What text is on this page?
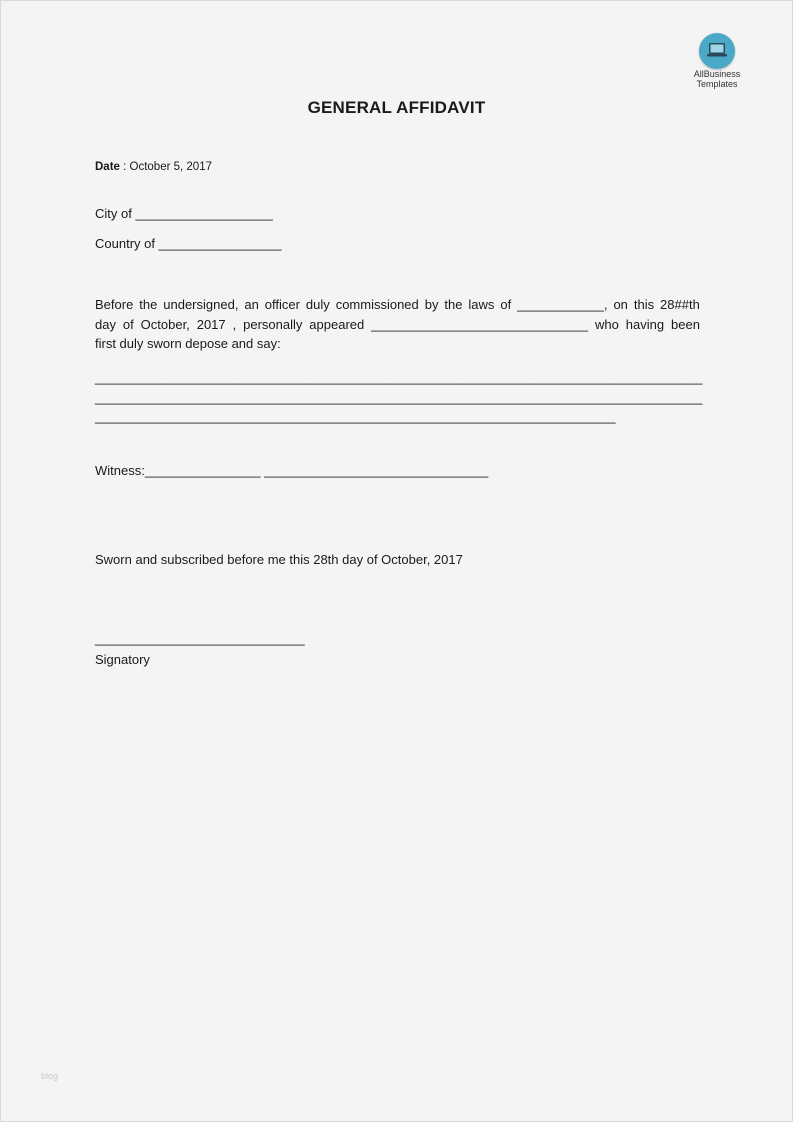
AllBusiness
Templates
GENERAL AFFIDAVIT
Date : October 5, 2017
City of ___________________
Country of _________________
Before the undersigned, an officer duly commissioned by the laws of ____________, on this 28##th
day of October, 2017 , personally appeared ______________________________ who having been
first duly sworn depose and say:
____________________________________________________________________________________
____________________________________________________________________________________
________________________________________________________________________
Witness:________________ _______________________________
Sworn and subscribed before me this 28th day of October, 2017
_____________________________
Signatory
blog
